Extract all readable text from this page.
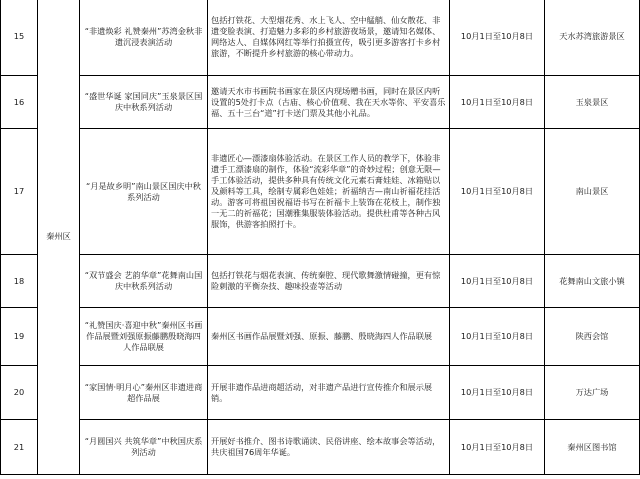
15	秦州区	“非遗焕彩 礼赞秦州”苏湾金秋非遗沉浸表演活动	包括打铁花、大型烟花秀、水上飞人、空中艋艄、仙女散花、非遗变脸表演、打造魅力多彩的乡村旅游夜场景，邀请知名媒体、网络达人、自媒体网红等举行拍摄宣传，吸引更多游客打卡乡村旅游，不断提升乡村旅游的核心带动力。	10月1日至10月8日	天水苏湾旅游景区
16		“盛世华诞 家国同庆”玉泉景区国庆中秋系列活动	邀请天水市书画院书画家在景区内现场赠书画，同时在景区内听设置的5处打卡点（古庙、核心价值观、我在天水等你、平安喜乐福、五十三台“道”打卡送门票及其他小礼品。	10月1日至10月8日	玉泉景区
17		“月是故乡明”南山景区国庆中秋系列活动	非遗匠心—漂漆扇体验活动。在景区工作人员的教学下，体验非遗手工漂漆扇的制作，体验“流彩华章”的奇妙过程；创意无限—手工体验活动，提供多种具有传统文化元素石膏娃娃、冰箱贴以及颜料等工具，绘制专属彩色娃娃；祈福纳吉—南山祈福花挂活动。游客可将祖国祝福语书写在祈福卡上装饰在花枝上，制作独一无二的祈福花；国潮雅集服装体验活动。提供杜甫等各种古风服饰，供游客拍照打卡。	10月1日至10月8日	南山景区
18		“双节盛会 艺韵华章”花舞南山国庆中秋系列活动	包括打铁花与烟花表演、传统秦腔、现代歌舞激情碰撞，更有惊险刺激的平衡杂技、趣味投壶等活动	10月1日至10月8日	花舞南山文旅小镇
19		“礼赞国庆·喜迎中秋”秦州区书画作品展暨刘强原振藤鹏殷晓海四人作品联展	秦州区书画作品展暨刘强、原振、藤鹏、殷晓海四人作品联展	10月1日至10月8日	陕西会馆
20		“家国情·明月心”秦州区非遗进商超作品展	开展非遗作品进商超活动，对非遗产品进行宣传推介和展示展销。	10月1日至10月8日	万达广场
21		“月圆国兴 共筑华章”中秋国庆系列活动	开展好书推介、图书诗歌诵读、民俗讲座、绘本故事会等活动，共庆祖国76周年华诞。	10月1日至10月8日	秦州区图书馆
